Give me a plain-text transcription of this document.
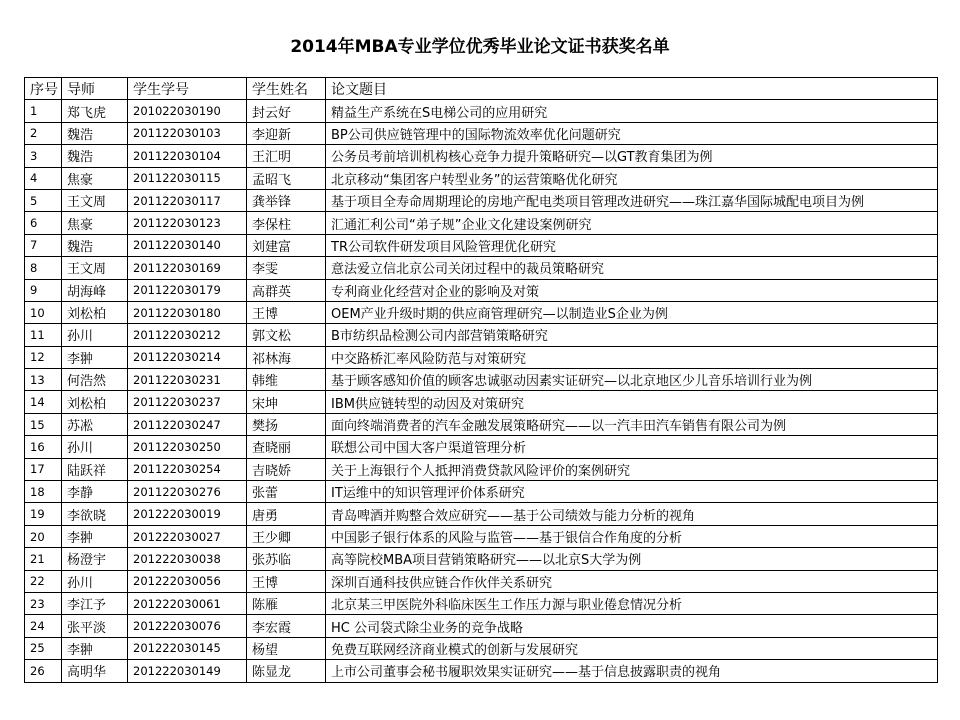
2014年MBA专业学位优秀毕业论文证书获奖名单
序号	导师	学生学号	学生姓名	论文题目
1	郑飞虎	201022030190	封云好	精益生产系统在S电梯公司的应用研究
2	魏浩	201122030103	李迎新	BP公司供应链管理中的国际物流效率优化问题研究
3	魏浩	201122030104	王汇明	公务员考前培训机构核心竞争力提升策略研究—以GT教育集团为例
4	焦豪	201122030115	孟昭飞	北京移动“集团客户转型业务”的运营策略优化研究
5	王文周	201122030117	龚举锋	基于项目全寿命周期理论的房地产配电类项目管理改进研究——珠江嘉华国际城配电项目为例
6	焦豪	201122030123	李保柱	汇通汇利公司“弟子规”企业文化建设案例研究
7	魏浩	201122030140	刘建富	TR公司软件研发项目风险管理优化研究
8	王文周	201122030169	李雯	意法爱立信北京公司关闭过程中的裁员策略研究
9	胡海峰	201122030179	高群英	专利商业化经营对企业的影响及对策
10	刘松柏	201122030180	王博	OEM产业升级时期的供应商管理研究—以制造业S企业为例
11	孙川	201122030212	郭文松	B市纺织品检测公司内部营销策略研究
12	李翀	201122030214	祁林海	中交路桥汇率风险防范与对策研究
13	何浩然	201122030231	韩维	基于顾客感知价值的顾客忠诚驱动因素实证研究—以北京地区少儿音乐培训行业为例
14	刘松柏	201122030237	宋坤	IBM供应链转型的动因及对策研究
15	苏凇	201122030247	樊扬	面向终端消费者的汽车金融发展策略研究——以一汽丰田汽车销售有限公司为例
16	孙川	201122030250	查晓丽	联想公司中国大客户渠道管理分析
17	陆跃祥	201122030254	吉晓娇	关于上海银行个人抵押消费贷款风险评价的案例研究
18	李静	201122030276	张蕾	IT运维中的知识管理评价体系研究
19	李欲晓	201222030019	唐勇	青岛啤酒并购整合效应研究——基于公司绩效与能力分析的视角
20	李翀	201222030027	王少卿	中国影子银行体系的风险与监管——基于银信合作角度的分析
21	杨澄宇	201222030038	张苏临	高等院校MBA项目营销策略研究——以北京S大学为例
22	孙川	201222030056	王博	深圳百通科技供应链合作伙伴关系研究
23	李江予	201222030061	陈雁	北京某三甲医院外科临床医生工作压力源与职业倦怠情况分析
24	张平淡	201222030076	李宏霞	HC 公司袋式除尘业务的竞争战略
25	李翀	201222030145	杨望	免费互联网经济商业模式的创新与发展研究
26	高明华	201222030149	陈显龙	上市公司董事会秘书履职效果实证研究——基于信息披露职责的视角
